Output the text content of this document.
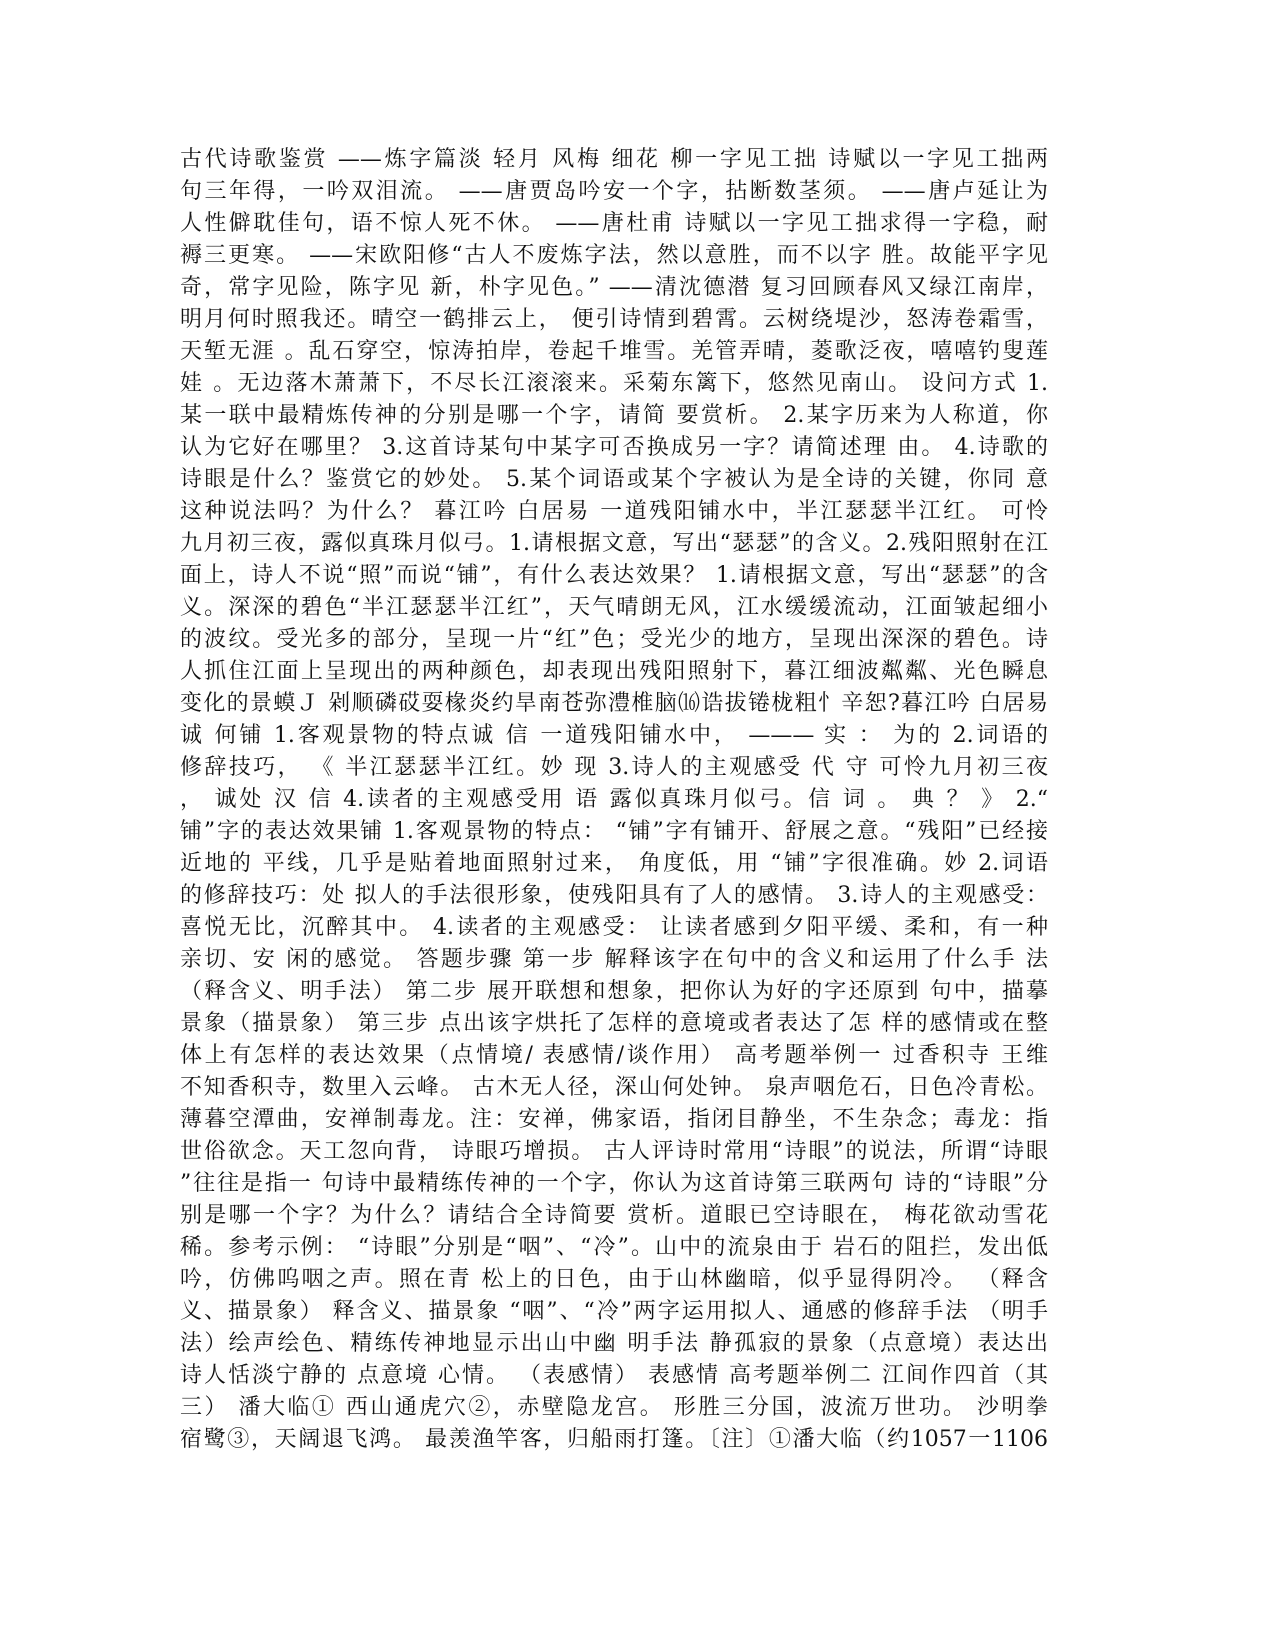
古代诗歌鉴赏 ——炼字篇淡 轻月 风梅 细花 柳一字见工拙 诗赋以一字见工拙两
句三年得，一吟双泪流。 ——唐贾岛吟安一个字，拈断数茎须。 ——唐卢延让为
人性僻耽佳句，语不惊人死不休。 ——唐杜甫 诗赋以一字见工拙求得一字稳，耐
褥三更寒。 ——宋欧阳修“古人不废炼字法，然以意胜，而不以字 胜。故能平字见
奇，常字见险，陈字见 新，朴字见色。” ——清沈德潜 复习回顾春风又绿江南岸，
明月何时照我还。晴空一鹤排云上， 便引诗情到碧霄。云树绕堤沙，怒涛卷霜雪，
天堑无涯 。乱石穿空，惊涛拍岸，卷起千堆雪。羌管弄晴，菱歌泛夜，嘻嘻钓叟莲
娃 。无边落木萧萧下，不尽长江滚滚来。采菊东篱下，悠然见南山。 设问方式 1.
某一联中最精炼传神的分别是哪一个字，请简 要赏析。 2.某字历来为人称道，你
认为它好在哪里？ 3.这首诗某句中某字可否换成另一字？请简述理 由。 4.诗歌的
诗眼是什么？鉴赏它的妙处。 5.某个词语或某个字被认为是全诗的关键，你同 意
这种说法吗？为什么？ 暮江吟 白居易 一道残阳铺水中，半江瑟瑟半江红。 可怜
九月初三夜，露似真珠月似弓。1.请根据文意，写出“瑟瑟”的含义。2.残阳照射在江
面上，诗人不说“照”而说“铺”，有什么表达效果？ 1.请根据文意，写出“瑟瑟”的含
义。深深的碧色“半江瑟瑟半江红”，天气晴朗无风，江水缓缓流动，江面皱起细小
的波纹。受光多的部分，呈现一片“红”色；受光少的地方，呈现出深深的碧色。诗
人抓住江面上呈现出的两种颜色，却表现出残阳照射下，暮江细波粼粼、光色瞬息
变化的景蟆Ｊ 剁顺磷砹耍椽炎约旱南苍弥澧椎脑⒃诰拔锩栊粗忄辛恕?暮江吟 白居易
诚 何铺 1.客观景物的特点诚 信 一道残阳铺水中， ——— 实 ： 为的 2.词语的
修辞技巧， 《 半江瑟瑟半江红。妙 现 3.诗人的主观感受 代 守 可怜九月初三夜
， 诚处 汉 信 4.读者的主观感受用 语 露似真珠月似弓。信 词 。 典 ？ 》 2.“
铺”字的表达效果铺 1.客观景物的特点： “铺”字有铺开、舒展之意。“残阳”已经接
近地的 平线，几乎是贴着地面照射过来， 角度低，用 “铺”字很准确。妙 2.词语
的修辞技巧：处 拟人的手法很形象，使残阳具有了人的感情。 3.诗人的主观感受：
喜悦无比，沉醉其中。 4.读者的主观感受： 让读者感到夕阳平缓、柔和，有一种
亲切、安 闲的感觉。 答题步骤 第一步 解释该字在句中的含义和运用了什么手 法
（释含义、明手法） 第二步 展开联想和想象，把你认为好的字还原到 句中，描摹
景象（描景象） 第三步 点出该字烘托了怎样的意境或者表达了怎 样的感情或在整
体上有怎样的表达效果（点情境/ 表感情/谈作用） 高考题举例一 过香积寺 王维
不知香积寺，数里入云峰。 古木无人径，深山何处钟。 泉声咽危石，日色冷青松。
薄暮空潭曲，安禅制毒龙。注：安禅，佛家语，指闭目静坐，不生杂念；毒龙：指
世俗欲念。天工忽向背， 诗眼巧增损。 古人评诗时常用“诗眼”的说法，所谓“诗眼
”往往是指一 句诗中最精练传神的一个字，你认为这首诗第三联两句 诗的“诗眼”分
别是哪一个字？为什么？请结合全诗简要 赏析。道眼已空诗眼在， 梅花欲动雪花
稀。参考示例： “诗眼”分别是“咽”、“冷”。山中的流泉由于 岩石的阻拦，发出低
吟，仿佛呜咽之声。照在青 松上的日色，由于山林幽暗，似乎显得阴冷。 （释含
义、描景象） 释含义、描景象 “咽”、“冷”两字运用拟人、通感的修辞手法 （明手
法）绘声绘色、精练传神地显示出山中幽 明手法 静孤寂的景象（点意境）表达出
诗人恬淡宁静的 点意境 心情。 （表感情） 表感情 高考题举例二 江间作四首（其
三） 潘大临① 西山通虎穴②，赤壁隐龙宫。 形胜三分国，波流万世功。 沙明拳
宿鹭③，天阔退飞鸿。 最羡渔竿客，归船雨打篷。〔注〕①潘大临（约1057一1106
